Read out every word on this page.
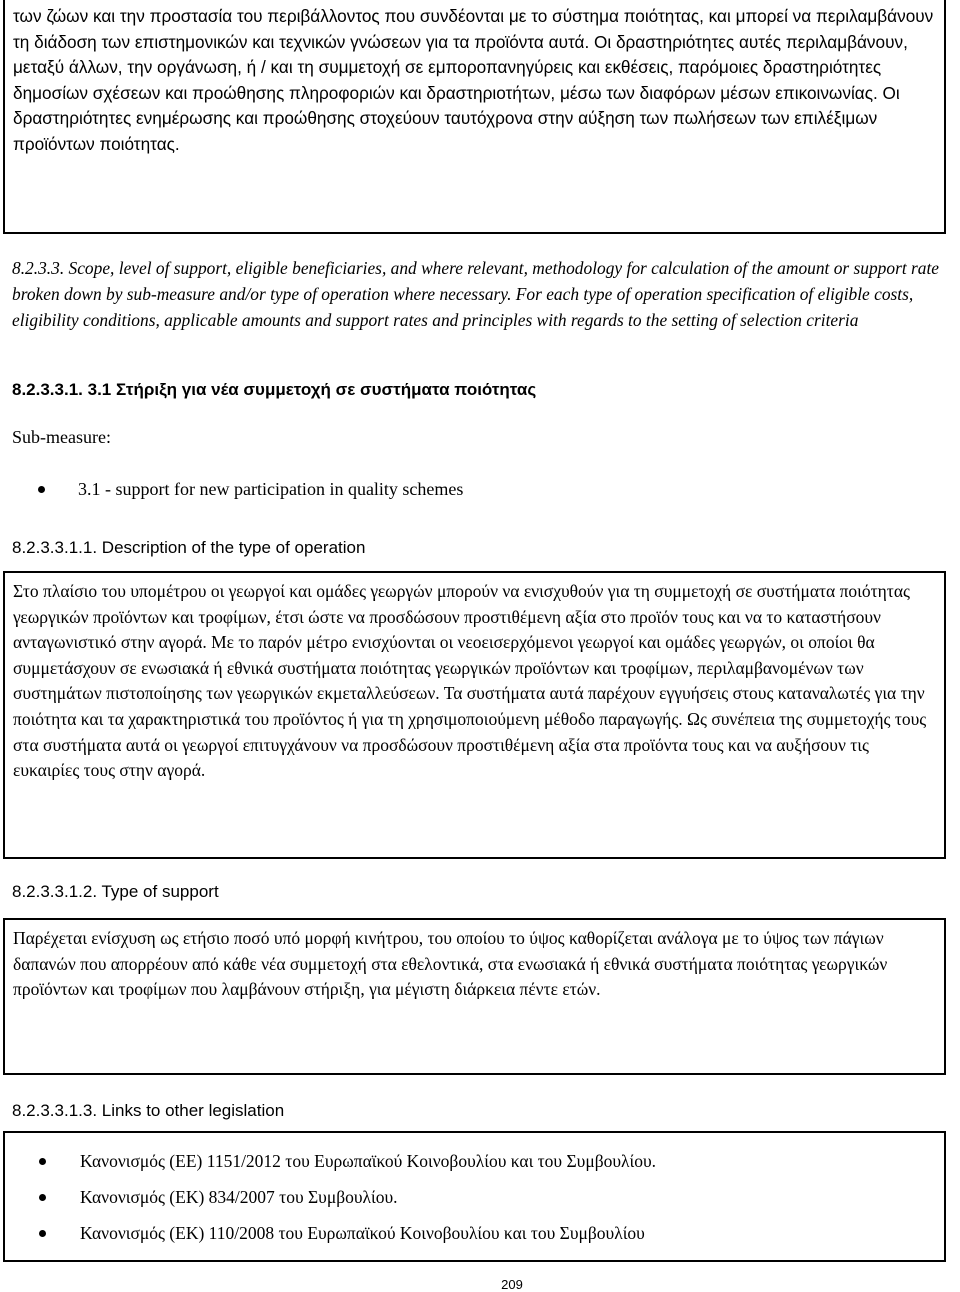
των ζώων και την προστασία του περιβάλλοντος που συνδέονται με το σύστημα ποιότητας, και μπορεί να περιλαμβάνουν τη διάδοση των επιστημονικών και τεχνικών γνώσεων για τα προϊόντα αυτά. Οι δραστηριότητες αυτές περιλαμβάνουν, μεταξύ άλλων, την οργάνωση, ή / και τη συμμετοχή σε εμποροπανηγύρεις και εκθέσεις, παρόμοιες δραστηριότητες δημοσίων σχέσεων και προώθησης πληροφοριών και δραστηριοτήτων, μέσω των διαφόρων μέσων επικοινωνίας. Οι δραστηριότητες ενημέρωσης και προώθησης στοχεύουν ταυτόχρονα στην αύξηση των πωλήσεων των επιλέξιμων προϊόντων ποιότητας.

8.2.3.3. Scope, level of support, eligible beneficiaries, and where relevant, methodology for calculation of the amount or support rate broken down by sub-measure and/or type of operation where necessary. For each type of operation specification of eligible costs, eligibility conditions, applicable amounts and support rates and principles with regards to the setting of selection criteria

8.2.3.3.1. 3.1 Στήριξη για νέα συμμετοχή σε συστήματα ποιότητας
Sub-measure:
3.1 - support for new participation in quality schemes
8.2.3.3.1.1. Description of the type of operation

Στο πλαίσιο του υπομέτρου οι γεωργοί και ομάδες γεωργών μπορούν να ενισχυθούν για τη συμμετοχή σε συστήματα ποιότητας γεωργικών προϊόντων και τροφίμων, έτσι ώστε να προσδώσουν προστιθέμενη αξία στο προϊόν τους και να το καταστήσουν ανταγωνιστικό στην αγορά. Με το παρόν μέτρο ενισχύονται οι νεοεισερχόμενοι γεωργοί και ομάδες γεωργών, οι οποίοι θα συμμετάσχουν σε ενωσιακά ή εθνικά συστήματα ποιότητας γεωργικών προϊόντων και τροφίμων, περιλαμβανομένων των συστημάτων πιστοποίησης των γεωργικών εκμεταλλεύσεων. Τα συστήματα αυτά παρέχουν εγγυήσεις στους καταναλωτές για την ποιότητα και τα χαρακτηριστικά του προϊόντος ή για τη χρησιμοποιούμενη μέθοδο παραγωγής. Ως συνέπεια της συμμετοχής τους στα συστήματα αυτά οι γεωργοί επιτυγχάνουν να προσδώσουν προστιθέμενη αξία στα προϊόντα τους και να αυξήσουν τις ευκαιρίες τους στην αγορά.

8.2.3.3.1.2. Type of support

Παρέχεται ενίσχυση ως ετήσιο ποσό υπό μορφή κινήτρου, του οποίου το ύψος καθορίζεται ανάλογα με το ύψος των πάγιων δαπανών που απορρέουν από κάθε νέα συμμετοχή στα εθελοντικά, στα ενωσιακά ή εθνικά συστήματα ποιότητας γεωργικών προϊόντων και τροφίμων που λαμβάνουν στήριξη, για μέγιστη διάρκεια πέντε ετών.

8.2.3.3.1.3. Links to other legislation
Κανονισμός (ΕΕ) 1151/2012 του Ευρωπαϊκού Κοινοβουλίου και του Συμβουλίου.
Κανονισμός (ΕΚ) 834/2007 του Συμβουλίου.
Κανονισμός (ΕΚ) 110/2008 του Ευρωπαϊκού Κοινοβουλίου και του Συμβουλίου
209
